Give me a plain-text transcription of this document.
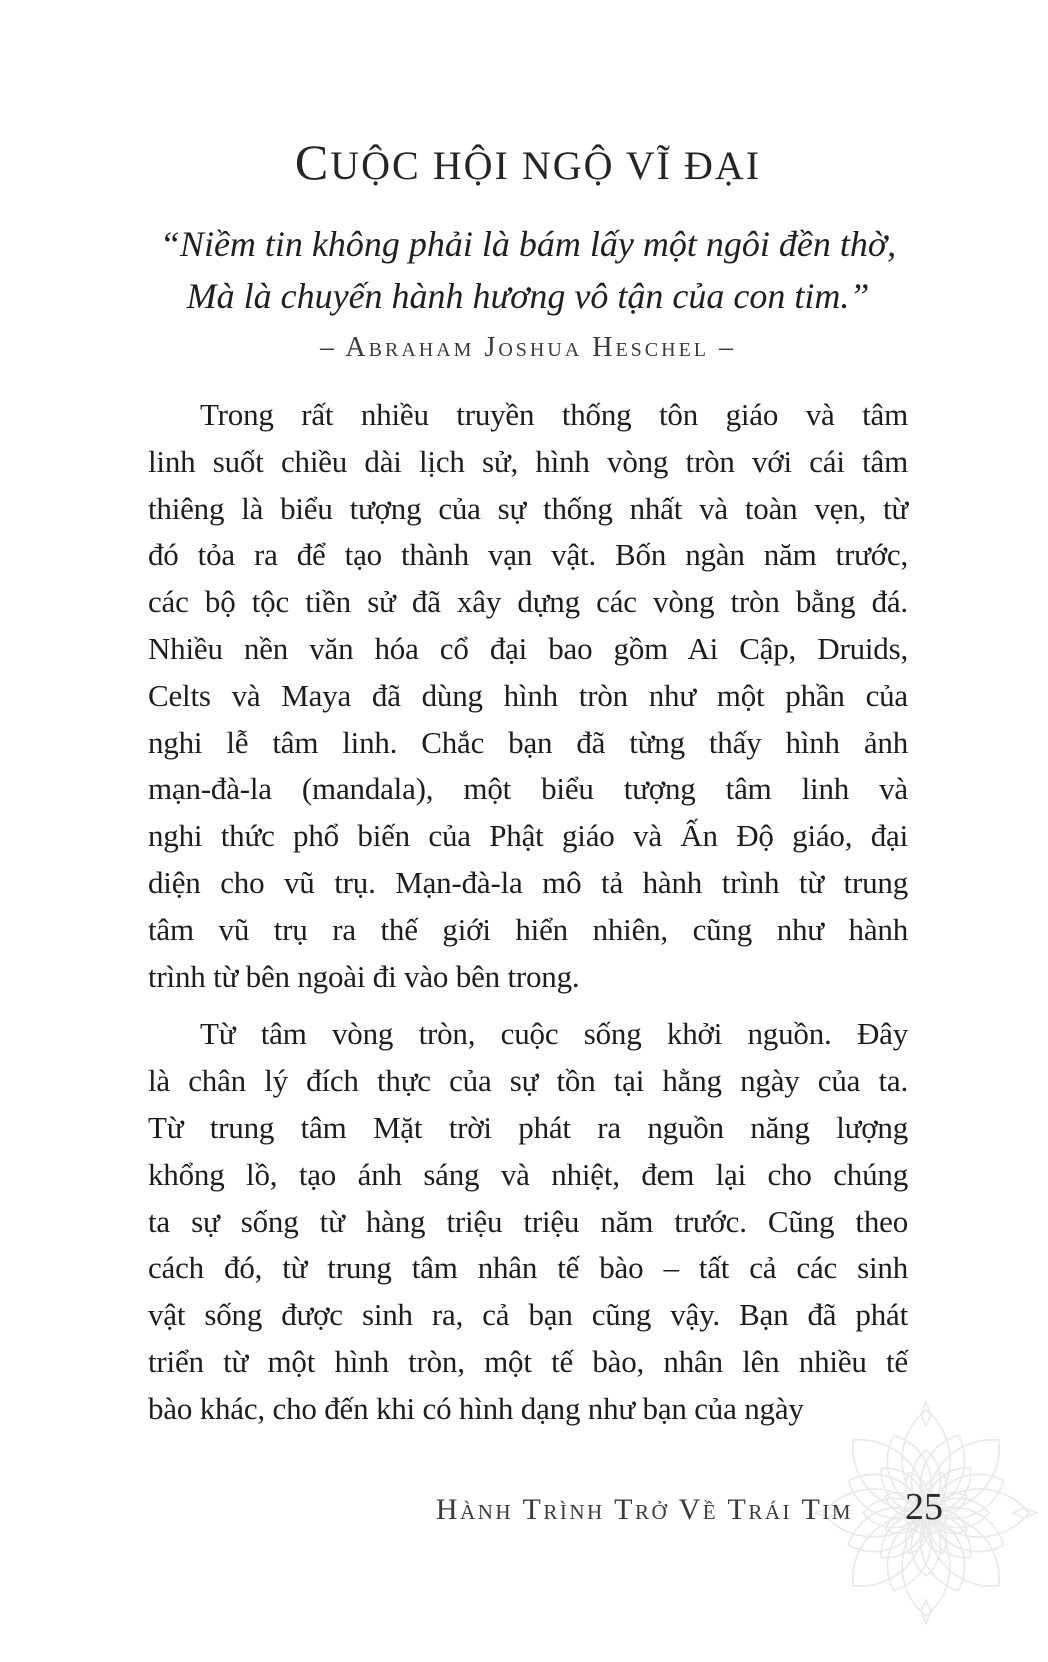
CUỘC HỘI NGỘ VĨ ĐẠI
“Niềm tin không phải là bám lấy một ngôi đền thờ,
Mà là chuyến hành hương vô tận của con tim.”
– Abraham Joshua Heschel –
Trong rất nhiều truyền thống tôn giáo và tâm
linh suốt chiều dài lịch sử, hình vòng tròn với cái tâm
thiêng là biểu tượng của sự thống nhất và toàn vẹn, từ
đó tỏa ra để tạo thành vạn vật. Bốn ngàn năm trước,
các bộ tộc tiền sử đã xây dựng các vòng tròn bằng đá.
Nhiều nền văn hóa cổ đại bao gồm Ai Cập, Druids,
Celts và Maya đã dùng hình tròn như một phần của
nghi lễ tâm linh. Chắc bạn đã từng thấy hình ảnh
mạn-đà-la (mandala), một biểu tượng tâm linh và
nghi thức phổ biến của Phật giáo và Ấn Độ giáo, đại
diện cho vũ trụ. Mạn-đà-la mô tả hành trình từ trung
tâm vũ trụ ra thế giới hiển nhiên, cũng như hành
trình từ bên ngoài đi vào bên trong.
Từ tâm vòng tròn, cuộc sống khởi nguồn. Đây
là chân lý đích thực của sự tồn tại hằng ngày của ta.
Từ trung tâm Mặt trời phát ra nguồn năng lượng
khổng lồ, tạo ánh sáng và nhiệt, đem lại cho chúng
ta sự sống từ hàng triệu triệu năm trước. Cũng theo
cách đó, từ trung tâm nhân tế bào – tất cả các sinh
vật sống được sinh ra, cả bạn cũng vậy. Bạn đã phát
triển từ một hình tròn, một tế bào, nhân lên nhiều tế
bào khác, cho đến khi có hình dạng như bạn của ngày
Hành Trình Trở Về Trái Tim 25
